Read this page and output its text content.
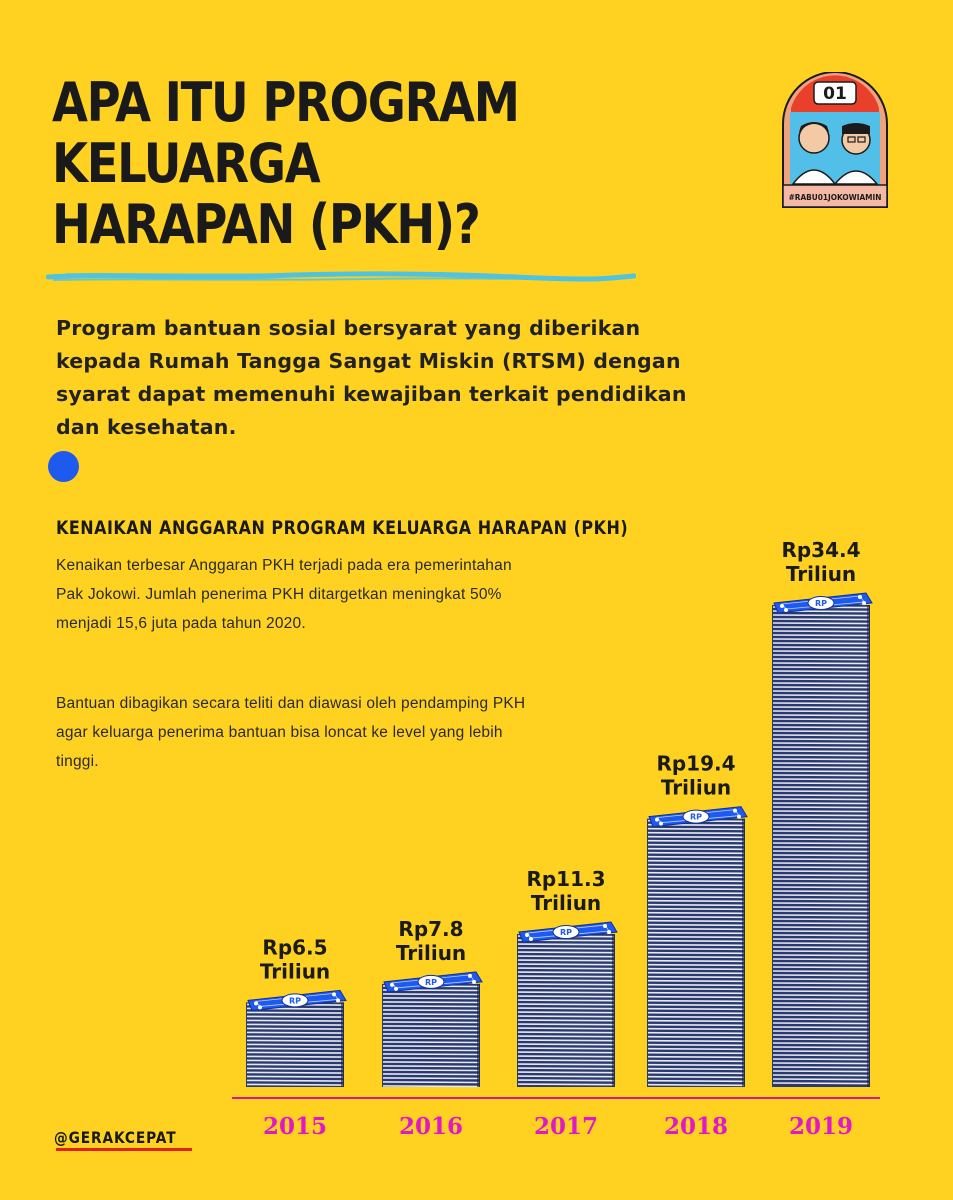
APA ITU PROGRAM
KELUARGA
HARAPAN (PKH)?

Program bantuan sosial bersyarat yang diberikan kepada Rumah Tangga Sangat Miskin (RTSM) dengan syarat dapat memenuhi kewajiban terkait pendidikan dan kesehatan.

KENAIKAN ANGGARAN PROGRAM KELUARGA HARAPAN (PKH)

Kenaikan terbesar Anggaran PKH terjadi pada era pemerintahan Pak Jokowi. Jumlah penerima PKH ditargetkan meningkat 50% menjadi 15,6 juta pada tahun 2020.

Bantuan dibagikan secara teliti dan diawasi oleh pendamping PKH agar keluarga penerima bantuan bisa loncat ke level yang lebih tinggi.

01
#RABU01JOKOWIAMIN
RP
RP
RP
RP
RP
Rp6.5
Triliun
2015
Rp7.8
Triliun
2016
Rp11.3
Triliun
2017
Rp19.4
Triliun
2018
Rp34.4
Triliun
2019

@GERAKCEPAT
